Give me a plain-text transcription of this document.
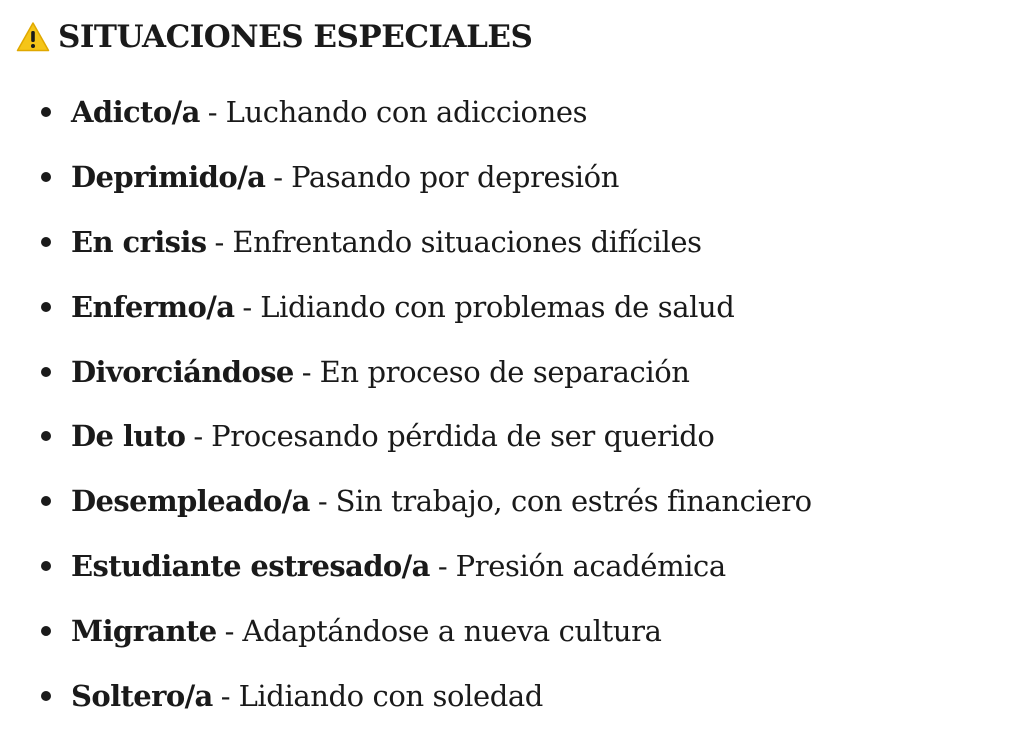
SITUACIONES ESPECIALES
Adicto/a - Luchando con adicciones
Deprimido/a - Pasando por depresión
En crisis - Enfrentando situaciones difíciles
Enfermo/a - Lidiando con problemas de salud
Divorciándose - En proceso de separación
De luto - Procesando pérdida de ser querido
Desempleado/a - Sin trabajo, con estrés financiero
Estudiante estresado/a - Presión académica
Migrante - Adaptándose a nueva cultura
Soltero/a - Lidiando con soledad
